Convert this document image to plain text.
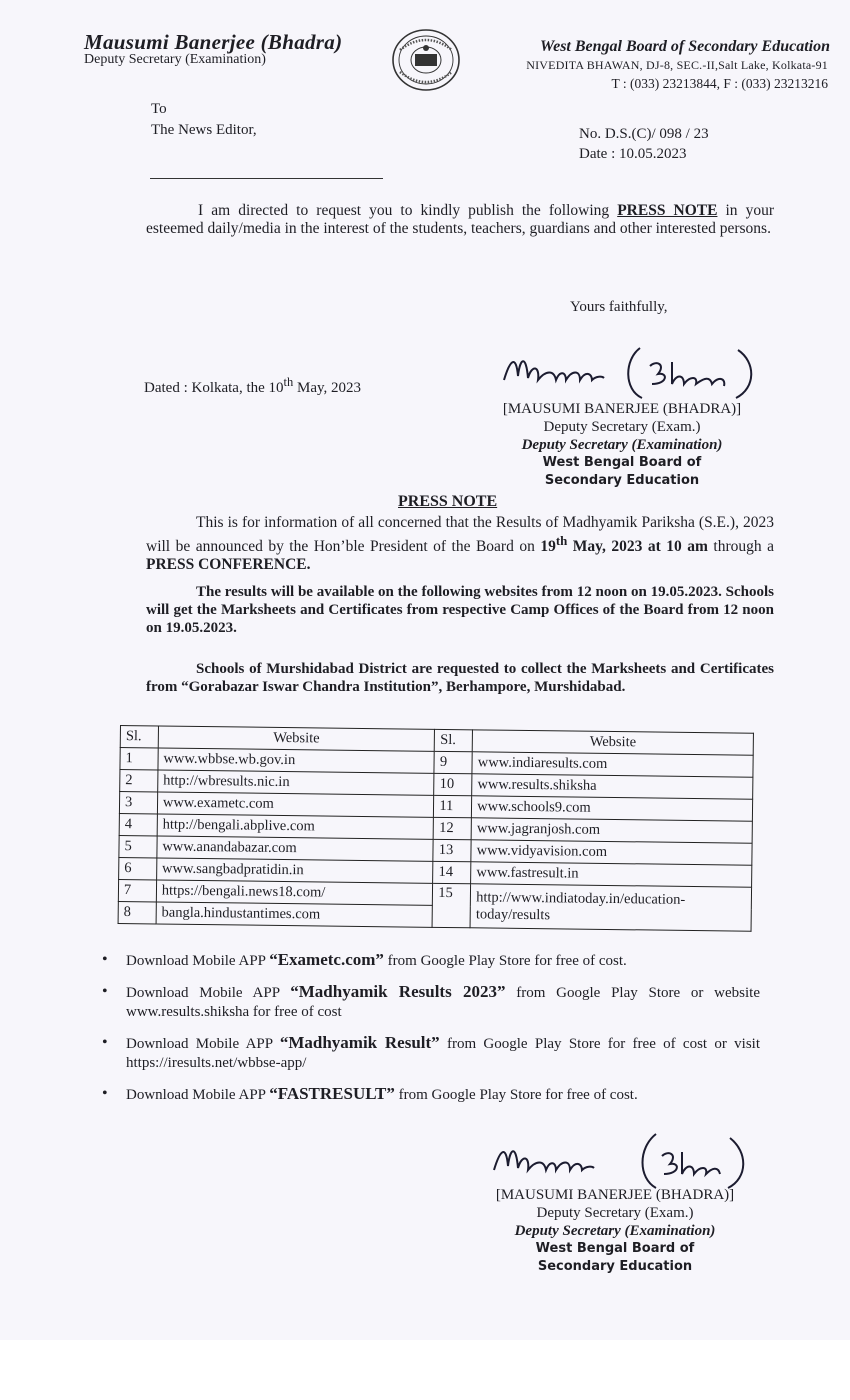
Mausumi Banerjee (Bhadra)
Deputy Secretary (Examination)
West Bengal Board of Secondary Education
NIVEDITA BHAWAN, DJ-8, SEC.-II,Salt Lake, Kolkata-91
T : (033) 23213844, F : (033) 23213216
To
The News Editor,	No. D.S.(C)/ 098 / 23
Date : 10.05.2023
I am directed to request you to kindly publish the following PRESS NOTE in your esteemed daily/media in the interest of the students, teachers, guardians and other interested persons.
Yours faithfully,
Dated : Kolkata, the 10th May, 2023
[MAUSUMI BANERJEE (BHADRA)]
Deputy Secretary (Exam.)
Deputy Secretary (Examination)
West Bengal Board of
Secondary Education
PRESS NOTE
This is for information of all concerned that the Results of Madhyamik Pariksha (S.E.), 2023 will be announced by the Hon’ble President of the Board on 19th May, 2023 at 10 am through a PRESS CONFERENCE.
The results will be available on the following websites from 12 noon on 19.05.2023. Schools will get the Marksheets and Certificates from respective Camp Offices of the Board from 12 noon on 19.05.2023.
Schools of Murshidabad District are requested to collect the Marksheets and Certificates from “Gorabazar Iswar Chandra Institution”, Berhampore, Murshidabad.
Sl.	Website	Sl.	Website
1	www.wbbse.wb.gov.in	9	www.indiaresults.com
2	http://wbresults.nic.in	10	www.results.shiksha
3	www.exametc.com	11	www.schools9.com
4	http://bengali.abplive.com	12	www.jagranjosh.com
5	www.anandabazar.com	13	www.vidyavision.com
6	www.sangbadpratidin.in	14	www.fastresult.in
7	https://bengali.news18.com/	15	http://www.indiatoday.in/education-today/results
8	bangla.hindustantimes.com		
• Download Mobile APP “Exametc.com” from Google Play Store for free of cost.
• Download Mobile APP “Madhyamik Results 2023” from Google Play Store or website www.results.shiksha for free of cost
• Download Mobile APP “Madhyamik Result” from Google Play Store for free of cost or visit https://iresults.net/wbbse-app/
• Download Mobile APP “FASTRESULT” from Google Play Store for free of cost.
[MAUSUMI BANERJEE (BHADRA)]
Deputy Secretary (Exam.)
Deputy Secretary (Examination)
West Bengal Board of
Secondary Education
